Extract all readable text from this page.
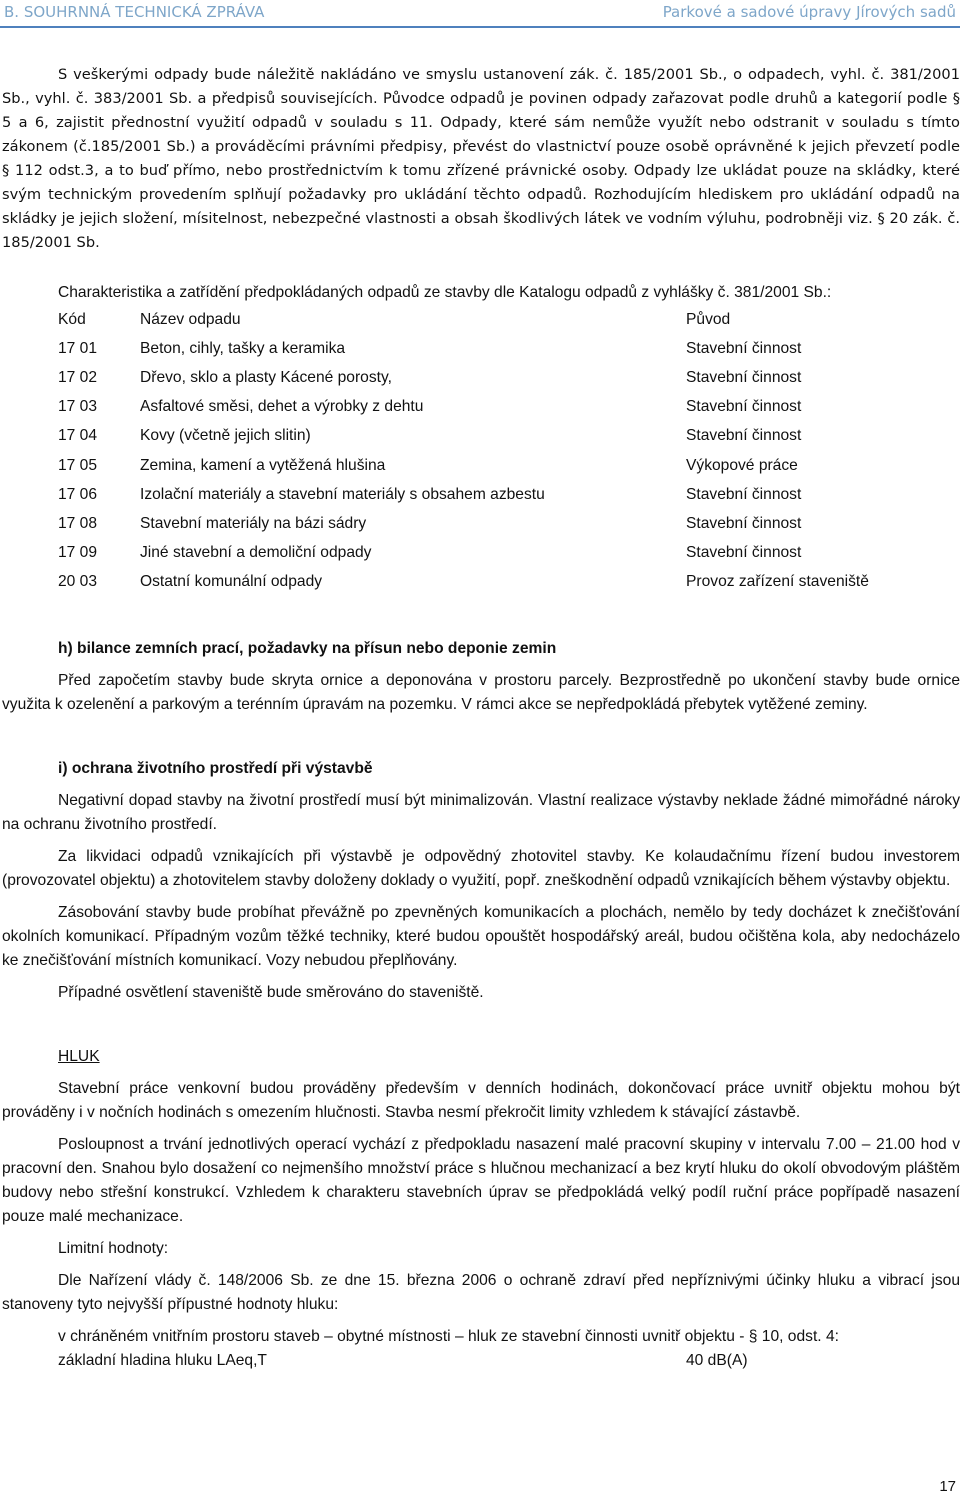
B. SOUHRNNÁ TECHNICKÁ ZPRÁVA	Parkové a sadové úpravy Jírových sadů

S veškerými odpady bude náležitě nakládáno ve smyslu ustanovení zák. č. 185/2001 Sb., o odpadech, vyhl. č. 381/2001 Sb., vyhl. č. 383/2001 Sb. a předpisů souvisejících. Původce odpadů je povinen odpady zařazovat podle druhů a kategorií podle § 5 a 6, zajistit přednostní využití odpadů v souladu s 11. Odpady, které sám nemůže využít nebo odstranit v souladu s tímto zákonem (č.185/2001 Sb.) a prováděcími právními předpisy, převést do vlastnictví pouze osobě oprávněné k jejich převzetí podle § 112 odst.3, a to buď přímo, nebo prostřednictvím k tomu zřízené právnické osoby. Odpady lze ukládat pouze na skládky, které svým technickým provedením splňují požadavky pro ukládání těchto odpadů. Rozhodujícím hlediskem pro ukládání odpadů na skládky je jejich složení, mísitelnost, nebezpečné vlastnosti a obsah škodlivých látek ve vodním výluhu, podrobněji viz. § 20 zák. č. 185/2001 Sb.

Charakteristika a zatřídění předpokládaných odpadů ze stavby dle Katalogu odpadů z vyhlášky č. 381/2001 Sb.:
Kód	Název odpadu	Původ
17 01	Beton, cihly, tašky a keramika	Stavební činnost
17 02	Dřevo, sklo a plasty Kácené porosty,	Stavební činnost
17 03	Asfaltové směsi, dehet a výrobky z dehtu	Stavební činnost
17 04	Kovy (včetně jejich slitin)	Stavební činnost
17 05	Zemina, kamení a vytěžená hlušina	Výkopové práce
17 06	Izolační materiály a stavební materiály s obsahem azbestu	Stavební činnost
17 08	Stavební materiály na bázi sádry	Stavební činnost
17 09	Jiné stavební a demoliční odpady	Stavební činnost
20 03	Ostatní komunální odpady	Provoz zařízení staveniště
h) bilance zemních prací, požadavky na přísun nebo deponie zemin

Před započetím stavby bude skryta ornice a deponována v prostoru parcely. Bezprostředně po ukončení stavby bude ornice využita k ozelenění a parkovým a terénním úpravám na pozemku. V rámci akce se nepředpokládá přebytek vytěžené zeminy.

i) ochrana životního prostředí při výstavbě

Negativní dopad stavby na životní prostředí musí být minimalizován. Vlastní realizace výstavby neklade žádné mimořádné nároky na ochranu životního prostředí.

Za likvidaci odpadů vznikajících při výstavbě je odpovědný zhotovitel stavby. Ke kolaudačnímu řízení budou investorem (provozovatel objektu) a zhotovitelem stavby doloženy doklady o využití, popř. zneškodnění odpadů vznikajících během výstavby objektu.

Zásobování stavby bude probíhat převážně po zpevněných komunikacích a plochách, nemělo by tedy docházet k znečišťování okolních komunikací. Případným vozům těžké techniky, které budou opouštět hospodářský areál, budou očištěna kola, aby nedocházelo ke znečišťování místních komunikací. Vozy nebudou přeplňovány.

Případné osvětlení staveniště bude směrováno do staveniště.

HLUK

Stavební práce venkovní budou prováděny především v denních hodinách, dokončovací práce uvnitř objektu mohou být prováděny i v nočních hodinách s omezením hlučnosti. Stavba nesmí překročit limity vzhledem k stávající zástavbě.

Posloupnost a trvání jednotlivých operací vychází z předpokladu nasazení malé pracovní skupiny v intervalu 7.00 – 21.00 hod v pracovní den. Snahou bylo dosažení co nejmenšího množství práce s hlučnou mechanizací a bez krytí hluku do okolí obvodovým pláštěm budovy nebo střešní konstrukcí. Vzhledem k charakteru stavebních úprav se předpokládá velký podíl ruční práce popřípadě nasazení pouze malé mechanizace.

Limitní hodnoty:

Dle Nařízení vlády č. 148/2006 Sb. ze dne 15. března 2006 o ochraně zdraví před nepříznivými účinky hluku a vibrací jsou stanoveny tyto nejvyšší přípustné hodnoty hluku:

v chráněném vnitřním prostoru staveb – obytné místnosti – hluk ze stavební činnosti uvnitř objektu - § 10, odst. 4:

základní hladina hluku LAeq,T	40 dB(A)
17
